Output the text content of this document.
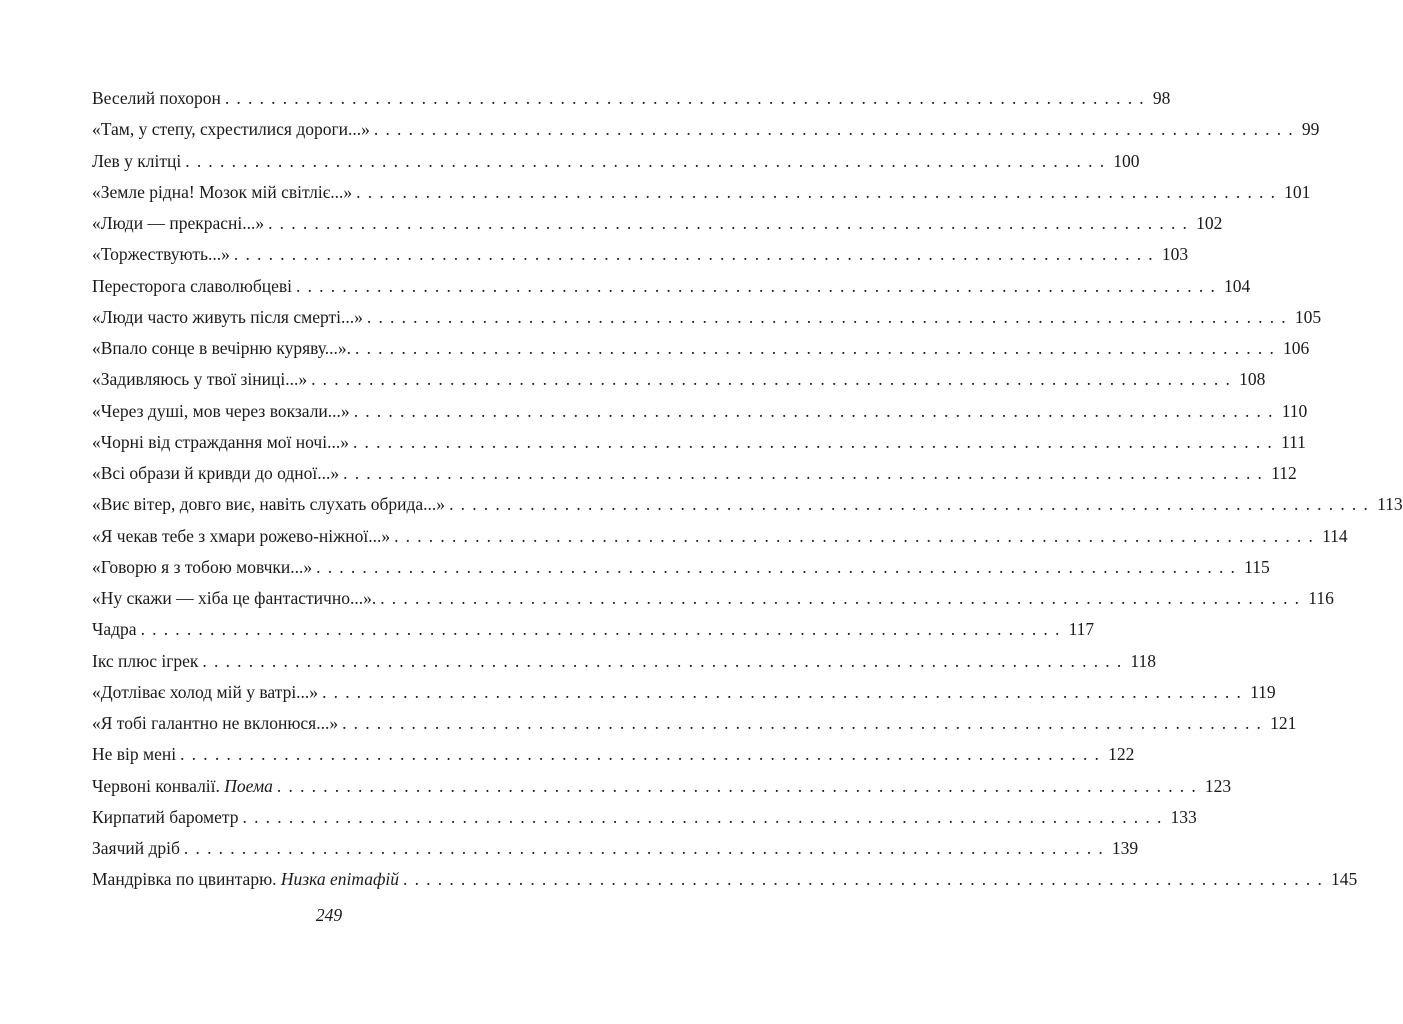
Веселий похорон ................................................................................ 98
«Там, у степу, схрестилися дороги...» ................................................................................ 99
Лев у клітці ................................................................................ 100
«Земле рідна! Мозок мій світліє...» ................................................................................ 101
«Люди — прекрасні...» ................................................................................ 102
«Торжествують...» ................................................................................ 103
Пересторога славолюбцеві ................................................................................ 104
«Люди часто живуть після смерті...» ................................................................................ 105
«Впало сонце в вечірню куряву...». ................................................................................ 106
«Задивляюсь у твої зіниці...» ................................................................................ 108
«Через душі, мов через вокзали...» ................................................................................ 110
«Чорні від страждання мої ночі...» ................................................................................ 111
«Всі образи й кривди до одної...» ................................................................................ 112
«Виє вітер, довго виє, навіть слухать обрида...» ................................................................................ 113
«Я чекав тебе з хмари рожево-ніжної...» ................................................................................ 114
«Говорю я з тобою мовчки...» ................................................................................ 115
«Ну скажи — хіба це фантастично...». ................................................................................ 116
Чадра ................................................................................ 117
Ікс плюс ігрек ................................................................................ 118
«Дотліває холод мій у ватрі...» ................................................................................ 119
«Я тобі галантно не вклонюся...» ................................................................................ 121
Не вір мені ................................................................................ 122
Червоні конвалії. Поема ................................................................................ 123
Кирпатий барометр ................................................................................ 133
Заячий дріб ................................................................................ 139
Мандрівка по цвинтарю. Низка епітафій ................................................................................ 145
249
